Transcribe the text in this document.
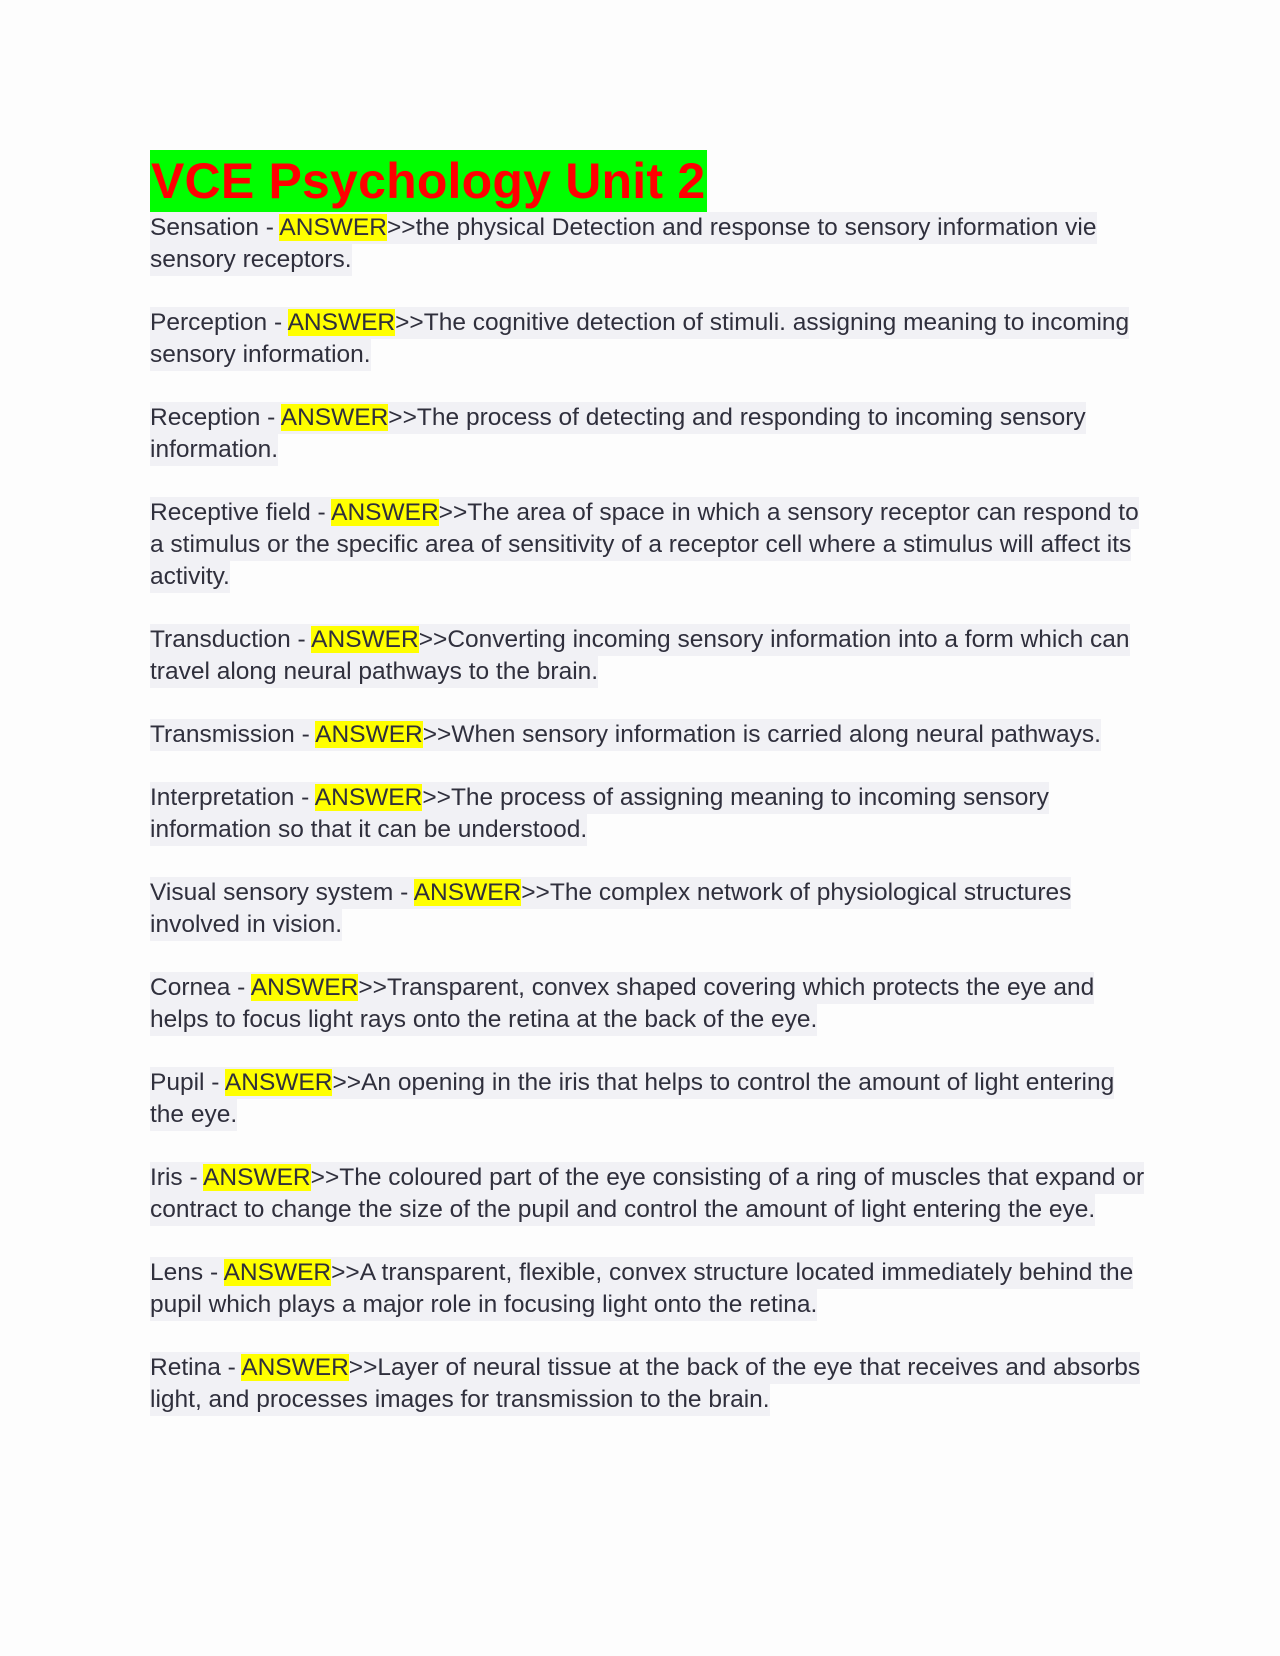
VCE Psychology Unit 2

Sensation - ANSWER>>the physical Detection and response to sensory information vie sensory receptors.

Perception - ANSWER>>The cognitive detection of stimuli. assigning meaning to incoming sensory information.

Reception - ANSWER>>The process of detecting and responding to incoming sensory information.

Receptive field - ANSWER>>The area of space in which a sensory receptor can respond to a stimulus or the specific area of sensitivity of a receptor cell where a stimulus will affect its activity.

Transduction - ANSWER>>Converting incoming sensory information into a form which can travel along neural pathways to the brain.

Transmission - ANSWER>>When sensory information is carried along neural pathways.

Interpretation - ANSWER>>The process of assigning meaning to incoming sensory information so that it can be understood.

Visual sensory system - ANSWER>>The complex network of physiological structures involved in vision.

Cornea - ANSWER>>Transparent, convex shaped covering which protects the eye and helps to focus light rays onto the retina at the back of the eye.

Pupil - ANSWER>>An opening in the iris that helps to control the amount of light entering the eye.

Iris - ANSWER>>The coloured part of the eye consisting of a ring of muscles that expand or contract to change the size of the pupil and control the amount of light entering the eye.

Lens - ANSWER>>A transparent, flexible, convex structure located immediately behind the pupil which plays a major role in focusing light onto the retina.

Retina - ANSWER>>Layer of neural tissue at the back of the eye that receives and absorbs light, and processes images for transmission to the brain.
